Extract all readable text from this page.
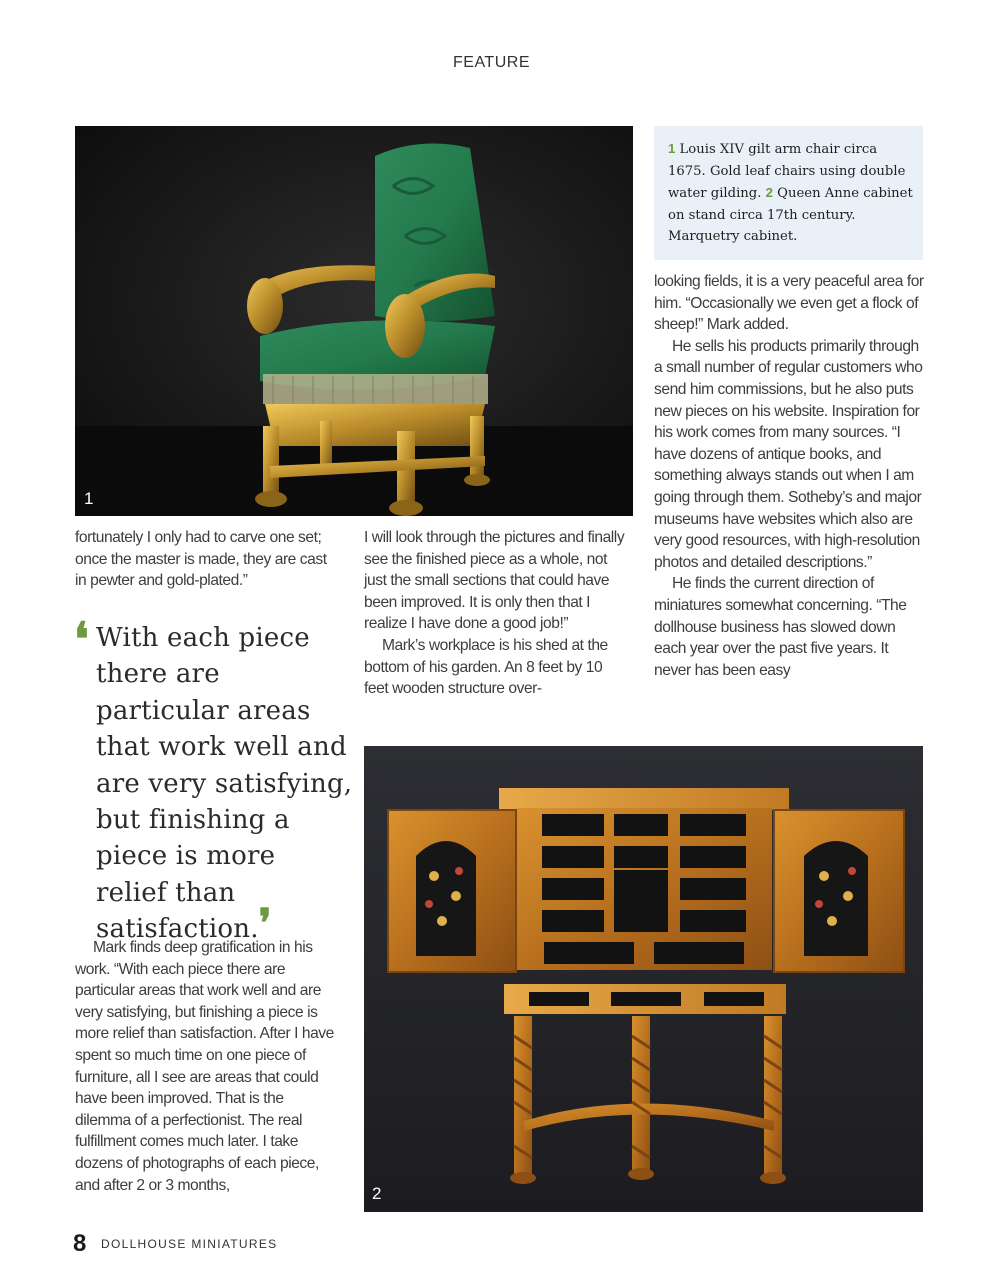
FEATURE
1
1 Louis XIV gilt arm chair circa 1675. Gold leaf chairs using double water gilding. 2 Queen Anne cabinet on stand circa 17th century. Marquetry cabinet.

fortunately I only had to carve one set; once the master is made, they are cast in pewter and gold-plated.”

❛ With each piece there are particular areas that work well and are very satisfying, but finishing a piece is more relief than satisfaction.❜

Mark finds deep gratification in his work. “With each piece there are particular areas that work well and are very satisfying, but finishing a piece is more relief than satisfaction. After I have spent so much time on one piece of furniture, all I see are areas that could have been improved. That is the dilemma of a perfectionist. The real fulfillment comes much later. I take dozens of photographs of each piece, and after 2 or 3 months,

I will look through the pictures and finally see the finished piece as a whole, not just the small sections that could have been improved. It is only then that I realize I have done a good job!”

Mark’s workplace is his shed at the bottom of his garden. An 8 feet by 10 feet wooden structure over-

looking fields, it is a very peaceful area for him. “Occasionally we even get a flock of sheep!” Mark added.

He sells his products primarily through a small number of regular customers who send him commissions, but he also puts new pieces on his website. Inspiration for his work comes from many sources. “I have dozens of antique books, and something always stands out when I am going through them. Sotheby’s and major museums have websites which also are very good resources, with high-resolution photos and detailed descriptions.”

He finds the current direction of miniatures somewhat concerning. “The dollhouse business has slowed down each year over the past five years. It never has been easy

2
8 DOLLHOUSE MINIATURES
